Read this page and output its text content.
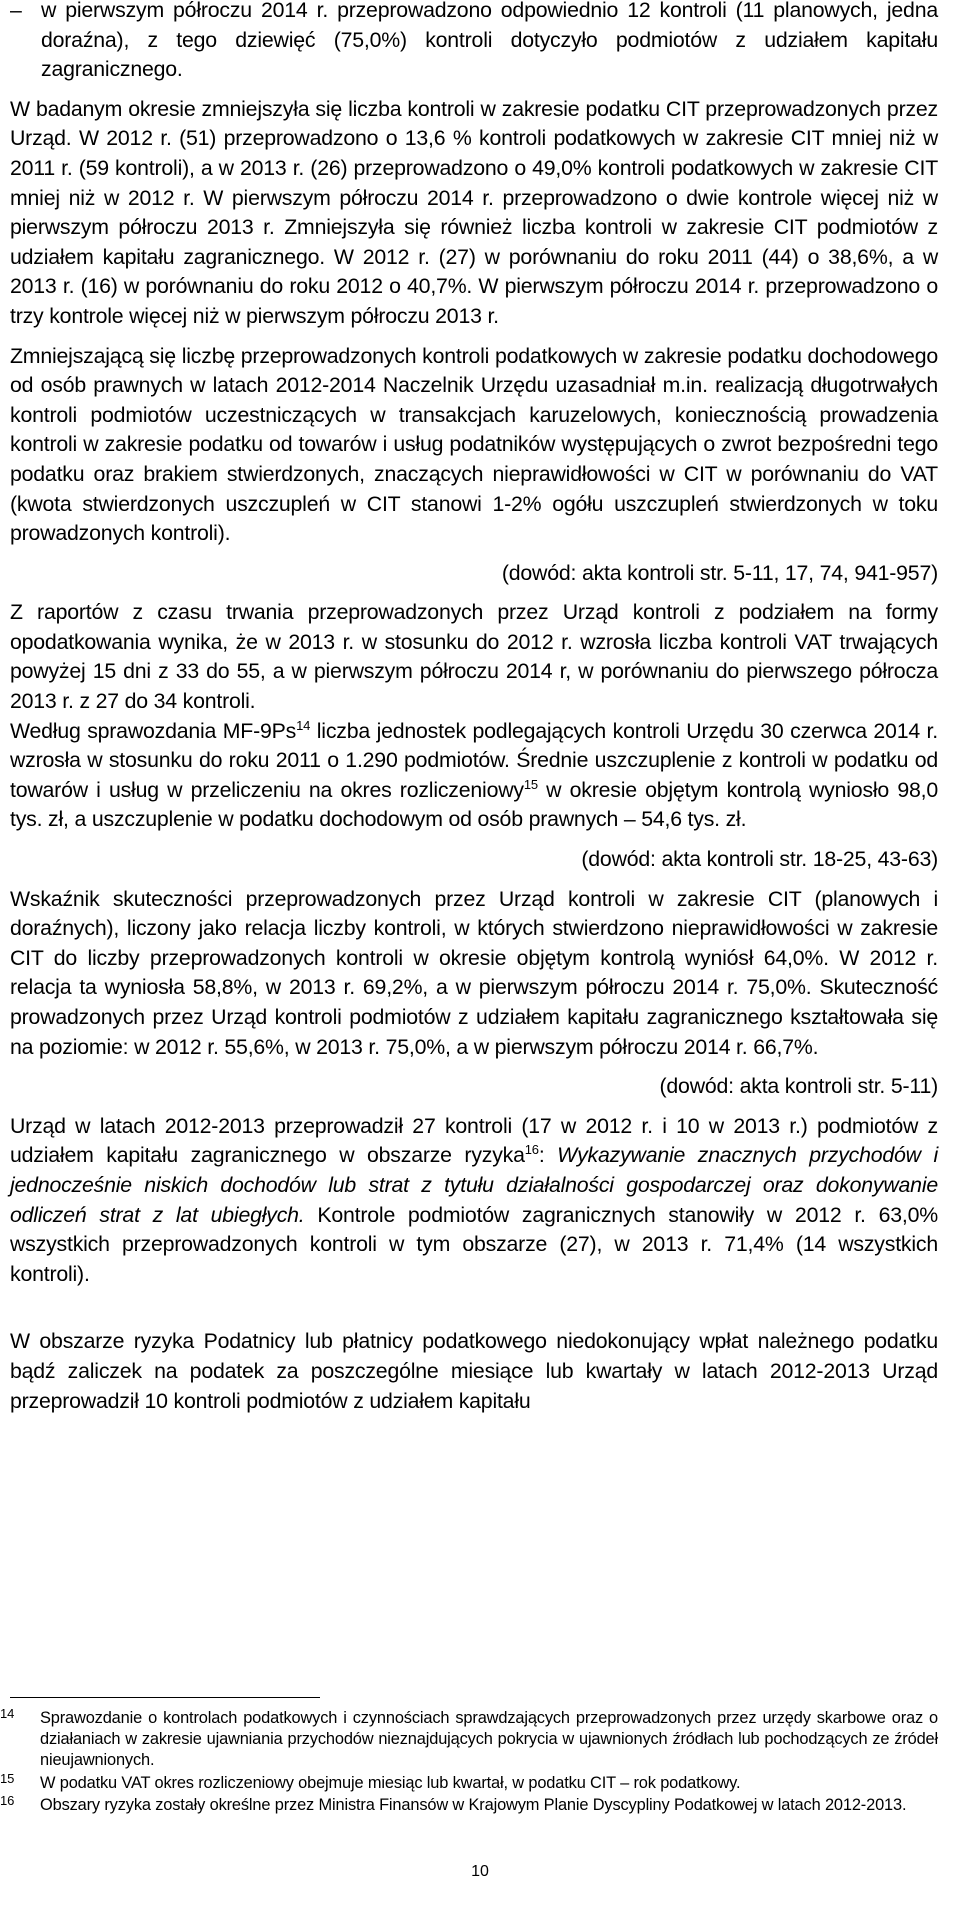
– w pierwszym półroczu 2014 r. przeprowadzono odpowiednio 12 kontroli (11 planowych, jedna doraźna), z tego dziewięć (75,0%) kontroli dotyczyło podmiotów z udziałem kapitału zagranicznego.

W badanym okresie zmniejszyła się liczba kontroli w zakresie podatku CIT przeprowadzonych przez Urząd. W 2012 r. (51) przeprowadzono o 13,6 % kontroli podatkowych w zakresie CIT mniej niż w 2011 r. (59 kontroli), a w 2013 r. (26) przeprowadzono o 49,0% kontroli podatkowych w zakresie CIT mniej niż w 2012 r. W pierwszym półroczu 2014 r. przeprowadzono o dwie kontrole więcej niż w pierwszym półroczu 2013 r. Zmniejszyła się również liczba kontroli w zakresie CIT podmiotów z udziałem kapitału zagranicznego. W 2012 r. (27) w porównaniu do roku 2011 (44) o 38,6%, a w 2013 r. (16) w porównaniu do roku 2012 o 40,7%. W pierwszym półroczu 2014 r. przeprowadzono o trzy kontrole więcej niż w pierwszym półroczu 2013 r.

Zmniejszającą się liczbę przeprowadzonych kontroli podatkowych w zakresie podatku dochodowego od osób prawnych w latach 2012-2014 Naczelnik Urzędu uzasadniał m.in. realizacją długotrwałych kontroli podmiotów uczestniczących w transakcjach karuzelowych, koniecznością prowadzenia kontroli w zakresie podatku od towarów i usług podatników występujących o zwrot bezpośredni tego podatku oraz brakiem stwierdzonych, znaczących nieprawidłowości w CIT w porównaniu do VAT (kwota stwierdzonych uszczupleń w CIT stanowi 1-2% ogółu uszczupleń stwierdzonych w toku prowadzonych kontroli).

(dowód: akta kontroli str. 5-11, 17, 74, 941-957)

Z raportów z czasu trwania przeprowadzonych przez Urząd kontroli z podziałem na formy opodatkowania wynika, że w 2013 r. w stosunku do 2012 r. wzrosła liczba kontroli VAT trwających powyżej 15 dni z 33 do 55, a w pierwszym półroczu 2014 r, w porównaniu do pierwszego półrocza 2013 r. z 27 do 34 kontroli.

Według sprawozdania MF-9Ps$^{14}$ liczba jednostek podlegających kontroli Urzędu 30 czerwca 2014 r. wzrosła w stosunku do roku 2011 o 1.290 podmiotów. Średnie uszczuplenie z kontroli w podatku od towarów i usług w przeliczeniu na okres rozliczeniowy$^{15}$ w okresie objętym kontrolą wyniosło 98,0 tys. zł, a uszczuplenie w podatku dochodowym od osób prawnych – 54,6 tys. zł.

(dowód: akta kontroli str. 18-25, 43-63)

Wskaźnik skuteczności przeprowadzonych przez Urząd kontroli w zakresie CIT (planowych i doraźnych), liczony jako relacja liczby kontroli, w których stwierdzono nieprawidłowości w zakresie CIT do liczby przeprowadzonych kontroli w okresie objętym kontrolą wyniósł 64,0%. W 2012 r. relacja ta wyniosła 58,8%, w 2013 r. 69,2%, a w pierwszym półroczu 2014 r. 75,0%. Skuteczność prowadzonych przez Urząd kontroli podmiotów z udziałem kapitału zagranicznego kształtowała się na poziomie: w 2012 r. 55,6%, w 2013 r. 75,0%, a w pierwszym półroczu 2014 r. 66,7%.

(dowód: akta kontroli str. 5-11)

Urząd w latach 2012-2013 przeprowadził 27 kontroli (17 w 2012 r. i 10 w 2013 r.) podmiotów z udziałem kapitału zagranicznego w obszarze ryzyka$^{16}$: Wykazywanie znacznych przychodów i jednocześnie niskich dochodów lub strat z tytułu działalności gospodarczej oraz dokonywanie odliczeń strat z lat ubiegłych. Kontrole podmiotów zagranicznych stanowiły w 2012 r. 63,0% wszystkich przeprowadzonych kontroli w tym obszarze (27), w 2013 r. 71,4% (14 wszystkich kontroli).

W obszarze ryzyka Podatnicy lub płatnicy podatkowego niedokonujący wpłat należnego podatku bądź zaliczek na podatek za poszczególne miesiące lub kwartały w latach 2012-2013 Urząd przeprowadził 10 kontroli podmiotów z udziałem kapitału

14 Sprawozdanie o kontrolach podatkowych i czynnościach sprawdzających przeprowadzonych przez urzędy skarbowe oraz o działaniach w zakresie ujawniania przychodów nieznajdujących pokrycia w ujawnionych źródłach lub pochodzących ze źródeł nieujawnionych.

15 W podatku VAT okres rozliczeniowy obejmuje miesiąc lub kwartał, w podatku CIT – rok podatkowy.

16 Obszary ryzyka zostały określne przez Ministra Finansów w Krajowym Planie Dyscypliny Podatkowej w latach 2012-2013.

10
